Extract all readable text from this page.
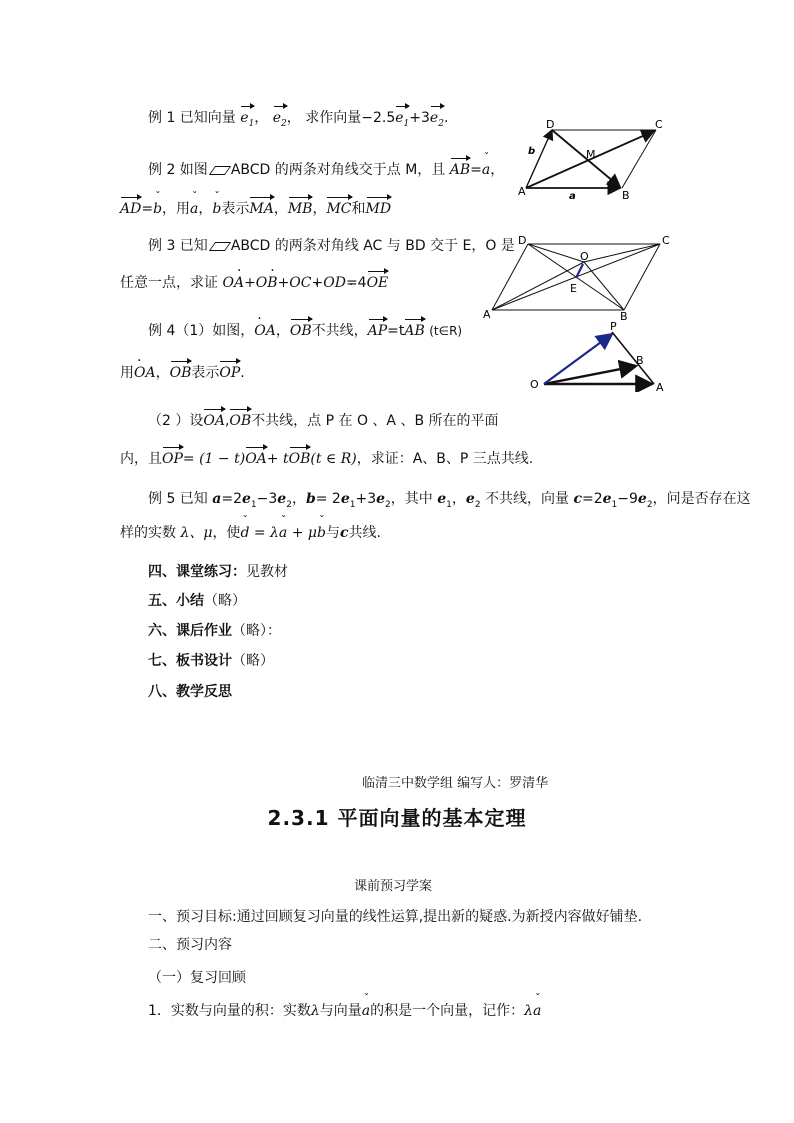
例 1 已知向量 $e_1$， $e_2$， 求作向量$-2.5e_1+3e_2$.
例 2 如图 ABCD 的两条对角线交于点 M，且 AB=a ˇ，
AD=b ˇ，用a ˇ，b ˇ表示MA，MB，MC和MD
例 3 已知 ABCD 的两条对角线 AC 与 BD 交于 E，O 是
任意一点，求证 OA ·+OB ·+OC+OD=4OE
例 4（1）如图，OA ·，OB不共线，AP=tAB (t∈R)
用OA ·，OB表示OP.
（2 ）设OA,OB不共线，点 P 在 O 、A 、B 所在的平面
内，且OP= (1 − t)OA+ tOB(t ∈ R)，求证：A、B、P 三点共线.
例 5 已知 $a=2e_1-3e_2$，$b= 2e_1+3e_2$，其中 $e_1$，$e_2$ 不共线，向量 $c=2e_1-9e_2$，问是否存在这
样的实数 λ、μ，使d ˇ = λa ˇ + μb ˇ与c共线.
四、课堂练习：见教材
五、小结（略）
六、课后作业（略）：
七、板书设计（略）
八、教学反思
临清三中数学组 编写人：罗清华
2.3.1 平面向量的基本定理
课前预习学案
一、预习目标:通过回顾复习向量的线性运算,提出新的疑惑.为新授内容做好铺垫.
二、预习内容
（一）复习回顾
1．实数与向量的积：实数λ与向量a ˇ的积是一个向量，记作：λa ˇ
D	C
A	B
M
a
b
D	C
A	B
O
E
O	A
B
P
